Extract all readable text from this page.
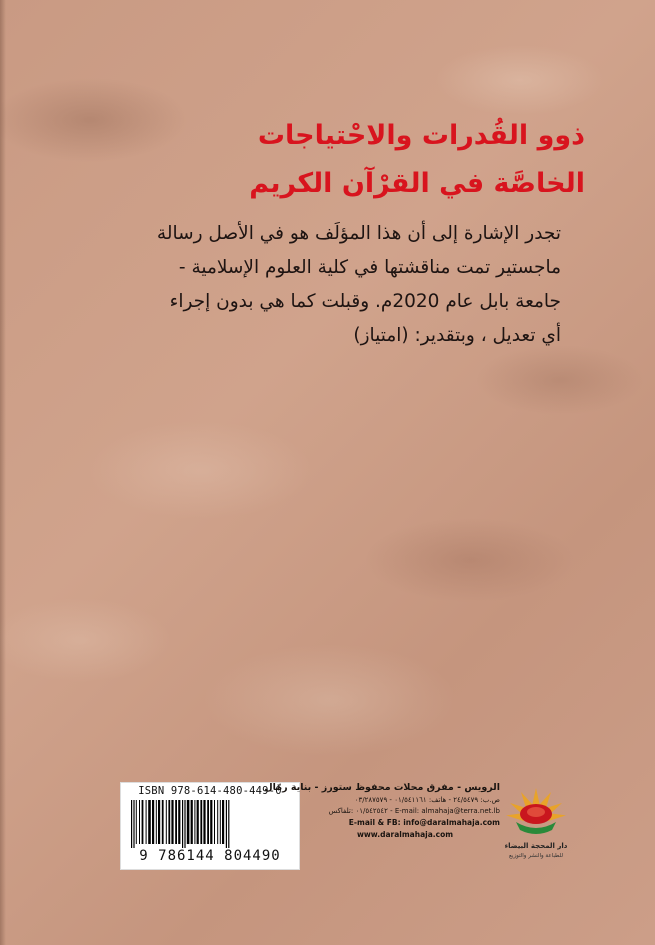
ذوو القُدرات والاحْتياجات
الخاصَّة في القرْآن الكريم
تجدر الإشارة إلى أن هذا المؤلَف هو في الأصل رسالة
ماجستير تمت مناقشتها في كلية العلوم الإسلامية -
جامعة بابل عام 2020م. وقبلت كما هي بدون إجراء
أي تعديل ، وبتقدير: (امتياز)
ISBN 978-614-480-449-0
9 786144 804490
الرويس - مفرق محلات محفوظ ستورز - بناية رمّال
ص.ب: ٢٤/٥٤٧٩ - هاتف: ٠١/٥٤١١٦١ - ٠٣/٢٨٧٥٧٩
E-mail: almahaja@terra.net.lb - ٠١/٥٤٢٥٤٢ :تلفاكس
E-mail & FB: info@daralmahaja.com
www.daralmahaja.com
دار المحجة البيضاء
للطباعة والنشر والتوزيع
